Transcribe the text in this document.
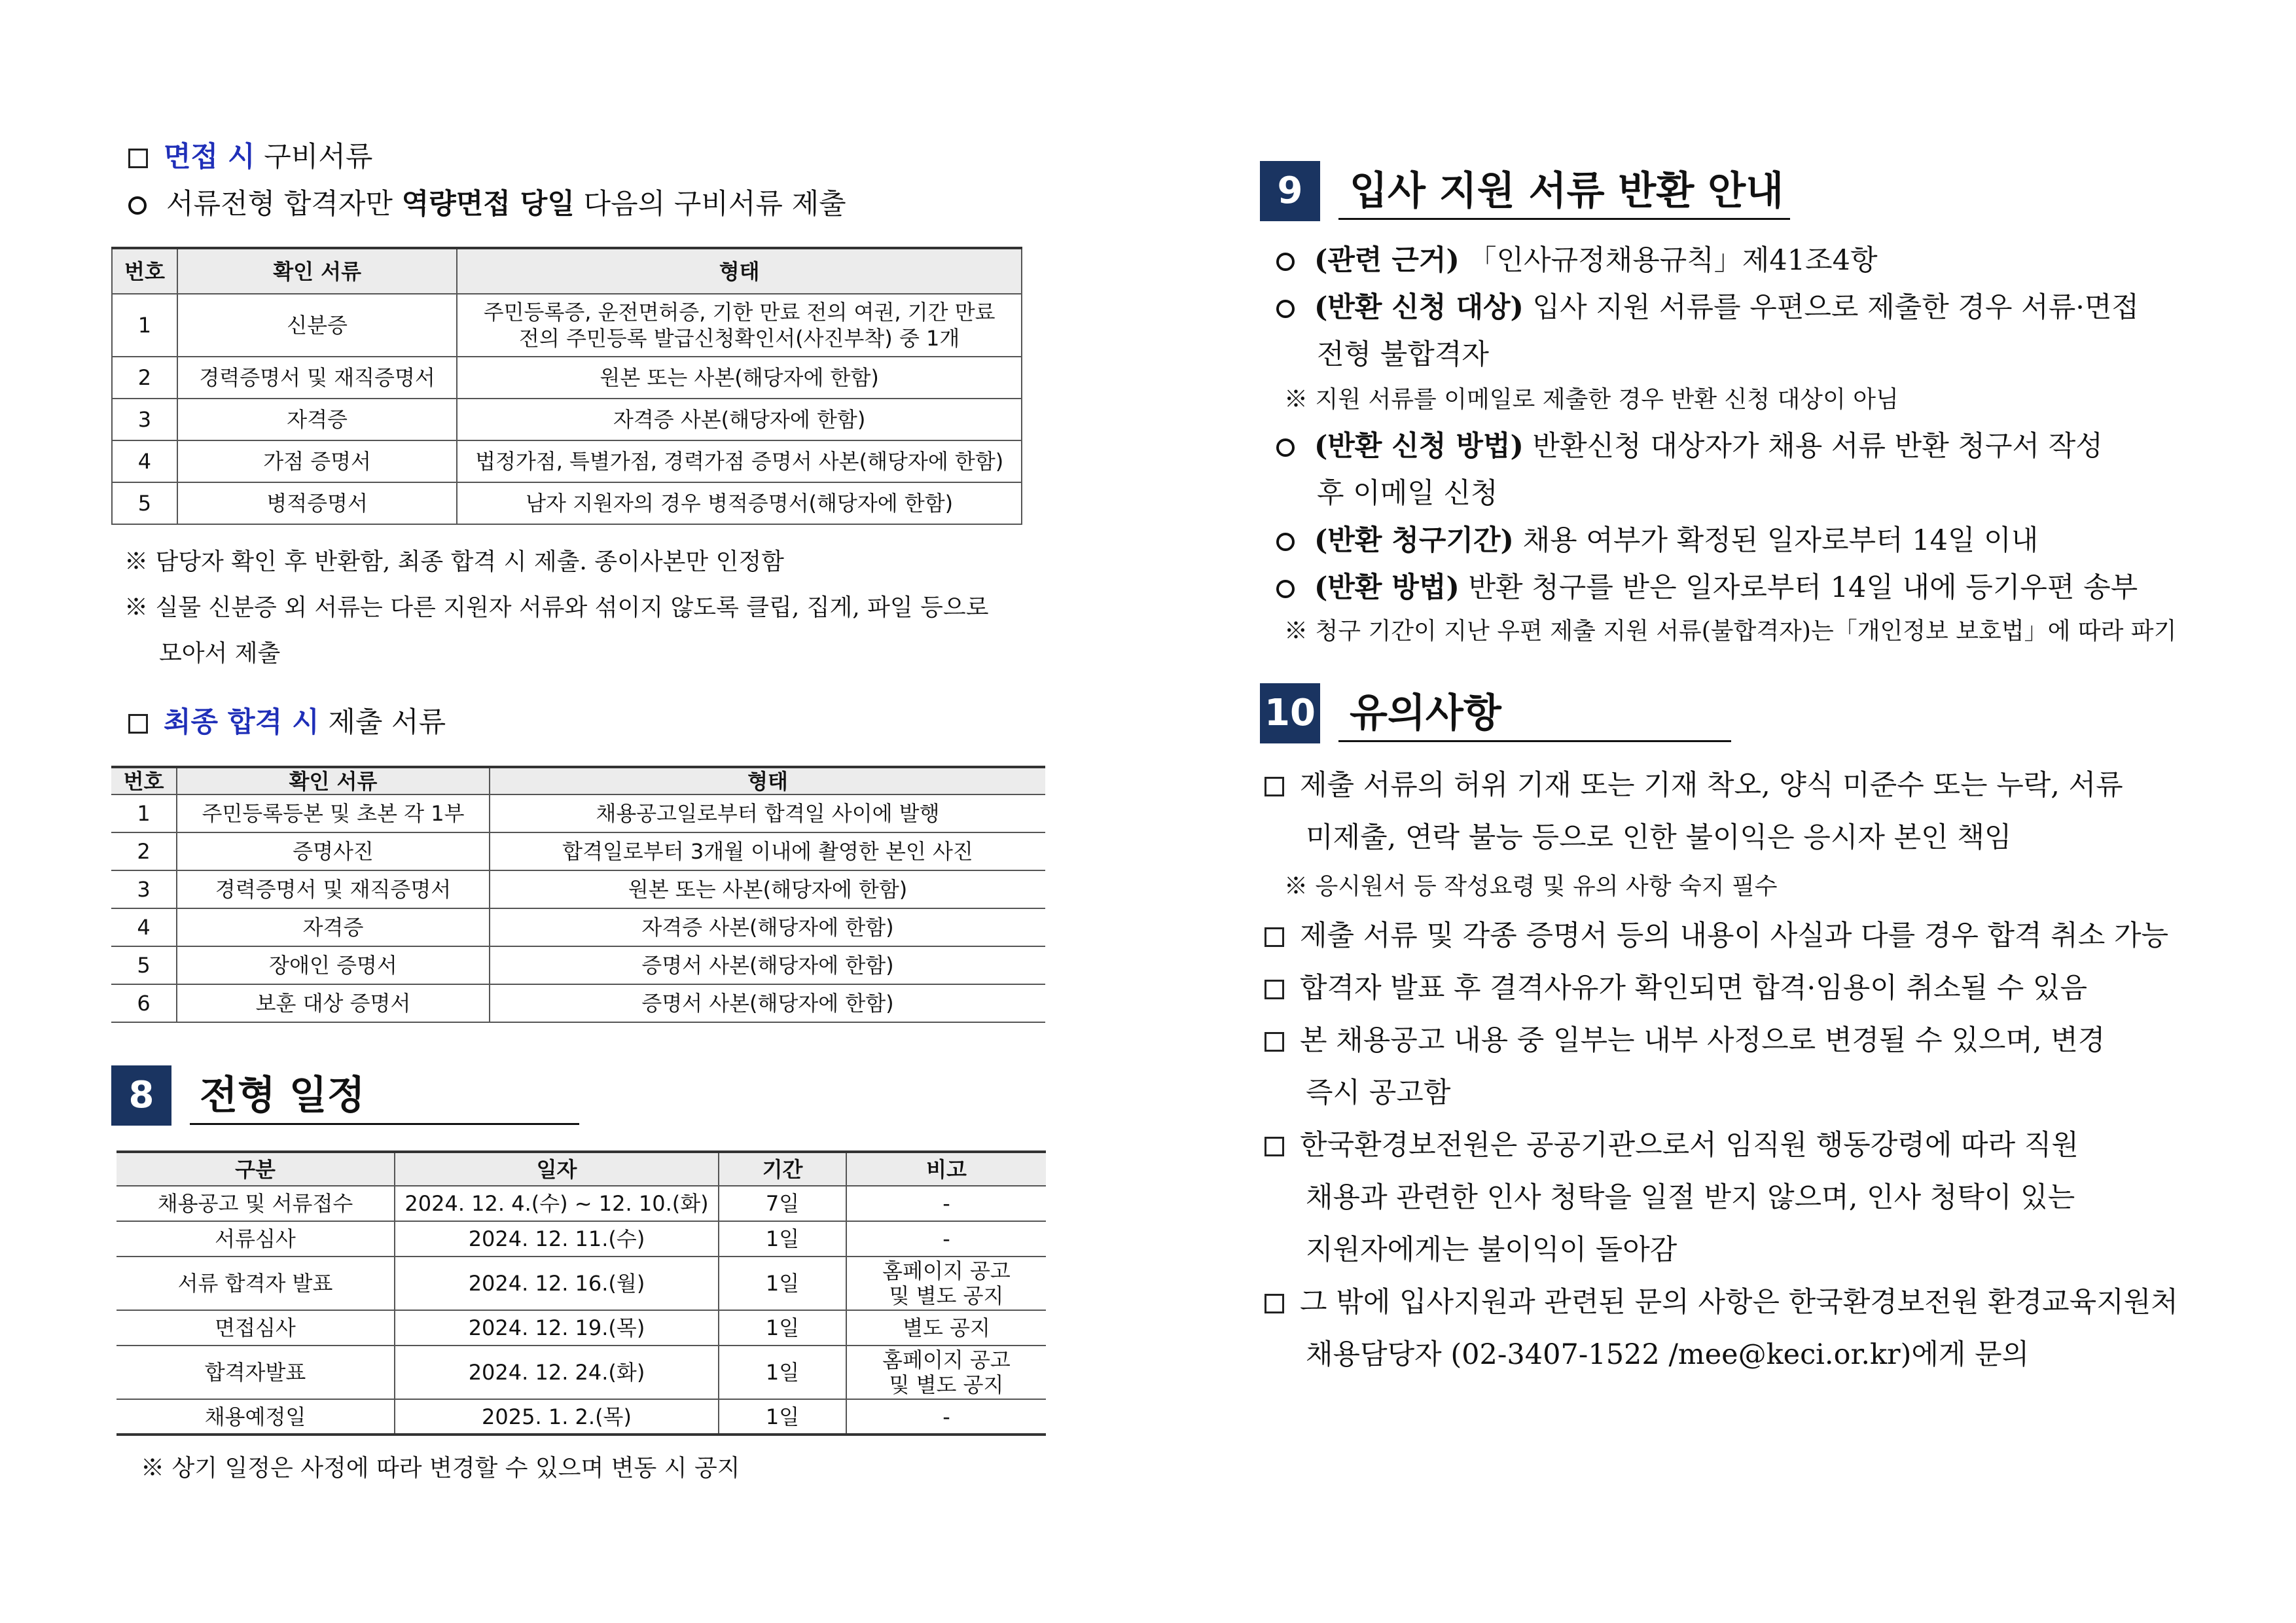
면접 시 구비서류
서류전형 합격자만 역량면접 당일 다음의 구비서류 제출
번호	확인 서류	형태
1	신분증	주민등록증, 운전면허증, 기한 만료 전의 여권, 기간 만료
전의 주민등록 발급신청확인서(사진부착) 중 1개
2	경력증명서 및 재직증명서	원본 또는 사본(해당자에 한함)
3	자격증	자격증 사본(해당자에 한함)
4	가점 증명서	법정가점, 특별가점, 경력가점 증명서 사본(해당자에 한함)
5	병적증명서	남자 지원자의 경우 병적증명서(해당자에 한함)
※ 담당자 확인 후 반환함, 최종 합격 시 제출. 종이사본만 인정함
※ 실물 신분증 외 서류는 다른 지원자 서류와 섞이지 않도록 클립, 집게, 파일 등으로
모아서 제출
최종 합격 시 제출 서류
번호	확인 서류	형태
1	주민등록등본 및 초본 각 1부	채용공고일로부터 합격일 사이에 발행
2	증명사진	합격일로부터 3개월 이내에 촬영한 본인 사진
3	경력증명서 및 재직증명서	원본 또는 사본(해당자에 한함)
4	자격증	자격증 사본(해당자에 한함)
5	장애인 증명서	증명서 사본(해당자에 한함)
6	보훈 대상 증명서	증명서 사본(해당자에 한함)
8	전형 일정
구분	일자	기간	비고
채용공고 및 서류접수	2024. 12. 4.(수) ~ 12. 10.(화)	7일	-
서류심사	2024. 12. 11.(수)	1일	-
서류 합격자 발표	2024. 12. 16.(월)	1일	홈페이지 공고
및 별도 공지
면접심사	2024. 12. 19.(목)	1일	별도 공지
합격자발표	2024. 12. 24.(화)	1일	홈페이지 공고
및 별도 공지
채용예정일	2025. 1. 2.(목)	1일	-
※ 상기 일정은 사정에 따라 변경할 수 있으며 변동 시 공지
9	입사 지원 서류 반환 안내
(관련 근거) 「인사규정채용규칙」제41조4항
(반환 신청 대상) 입사 지원 서류를 우편으로 제출한 경우 서류·면접
전형 불합격자
※ 지원 서류를 이메일로 제출한 경우 반환 신청 대상이 아님
(반환 신청 방법) 반환신청 대상자가 채용 서류 반환 청구서 작성
후 이메일 신청
(반환 청구기간) 채용 여부가 확정된 일자로부터 14일 이내
(반환 방법) 반환 청구를 받은 일자로부터 14일 내에 등기우편 송부
※ 청구 기간이 지난 우편 제출 지원 서류(불합격자)는「개인정보 보호법」에 따라 파기
10 유의사항
제출 서류의 허위 기재 또는 기재 착오, 양식 미준수 또는 누락, 서류
미제출, 연락 불능 등으로 인한 불이익은 응시자 본인 책임
※ 응시원서 등 작성요령 및 유의 사항 숙지 필수
제출 서류 및 각종 증명서 등의 내용이 사실과 다를 경우 합격 취소 가능
합격자 발표 후 결격사유가 확인되면 합격·임용이 취소될 수 있음
본 채용공고 내용 중 일부는 내부 사정으로 변경될 수 있으며, 변경
즉시 공고함
한국환경보전원은 공공기관으로서 임직원 행동강령에 따라 직원
채용과 관련한 인사 청탁을 일절 받지 않으며, 인사 청탁이 있는
지원자에게는 불이익이 돌아감
그 밖에 입사지원과 관련된 문의 사항은 한국환경보전원 환경교육지원처
채용담당자 (02-3407-1522 /mee@keci.or.kr)에게 문의
